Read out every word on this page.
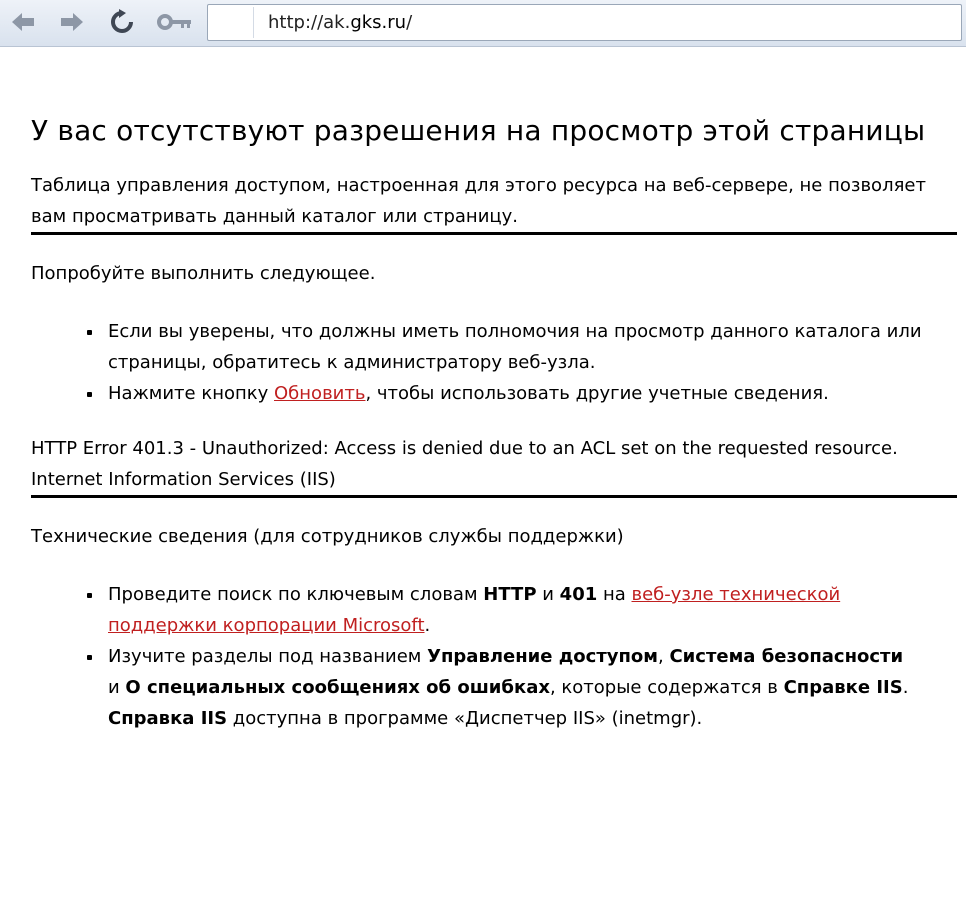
http://ak.gks.ru/
У вас отсутствуют разрешения на просмотр этой страницы

Таблица управления доступом, настроенная для этого ресурса на веб-сервере, не позволяет вам просматривать данный каталог или страницу.

Попробуйте выполнить следующее.

Если вы уверены, что должны иметь полномочия на просмотр данного каталога или страницы, обратитесь к администратору веб-узла.
Нажмите кнопку Обновить, чтобы использовать другие учетные сведения.

HTTP Error 401.3 - Unauthorized: Access is denied due to an ACL set on the requested resource.

Internet Information Services (IIS)

Технические сведения (для сотрудников службы поддержки)

Проведите поиск по ключевым словам HTTP и 401 на веб-узле технической поддержки корпорации Microsoft.
Изучите разделы под названием Управление доступом, Система безопасности и О специальных сообщениях об ошибках, которые содержатся в Справке IIS. Справка IIS доступна в программе «Диспетчер IIS» (inetmgr).
